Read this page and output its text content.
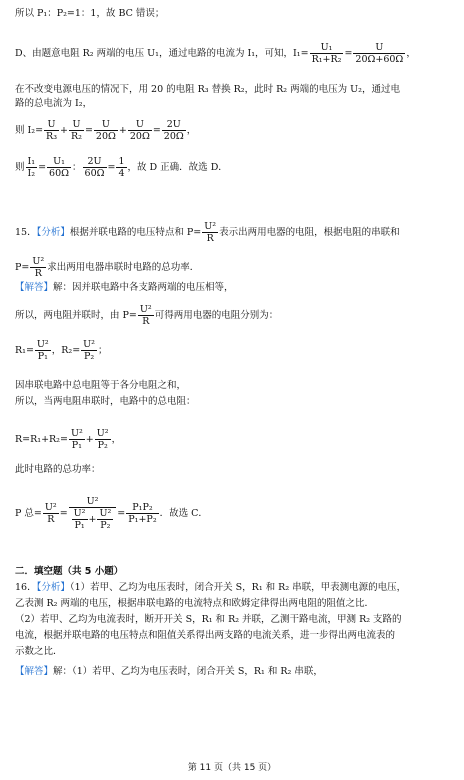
所以 P₁：P₂=1：1，故 BC 错误；
D、由题意电阻 R₂ 两端的电压 U₁，通过电路的电流为 I₁，可知，$I_1= \frac{\text{U₁}}{\text{R₁+R₂}} = \frac{U}{20\Omega+60\Omega}$ ，
在不改变电源电压的情况下，用 20 的电阻 R₃ 替换 R₂，此时 R₂ 两端的电压为 U₂，通过电
路的总电流为 I₂，
则 $I_2= \frac{U}{\text{R₃}} + \frac{U}{\text{R₂}} = \frac{U}{20\Omega} + \frac{U}{20\Omega} = \frac{2U}{20\Omega}$ ，
则 $\frac{\text{I₁}}{\text{I₂}} = \frac{\text{U₁}}{60\Omega}$ ： $\frac{2U}{60\Omega} = \frac{1}{4}$ ，故 D 正确．故选 D．
15．【分析】根据并联电路的电压特点和 $P= \frac{\text{U²}}{R}$ 表示出两用电器的电阻，根据电阻的串联和
$P= \frac{\text{U²}}{R}$ 求出两用电器串联时电路的总功率．
【解答】解：因并联电路中各支路两端的电压相等，
所以，两电阻并联时，由 $P= \frac{\text{U²}}{R}$ 可得两用电器的电阻分别为：
$R_1= \frac{\text{U²}}{\text{P₁}}$ ，$R_2= \frac{\text{U²}}{\text{P₂}}$ ；
因串联电路中总电阻等于各分电阻之和，
所以，当两电阻串联时，电路中的总电阻：
$R=R_1+R_2= \frac{\text{U²}}{\text{P₁}} + \frac{\text{U²}}{\text{P₂}}$ ，
此时电路的总功率：
P 总= $\frac{\text{U²}}{R} = \frac{\text{U²}}{\frac{\text{U²}}{\text{P₁}} + \frac{\text{U²}}{\text{P₂}}} = \frac{\text{P₁P₂}}{\text{P₁+P₂}}$ ．故选 C．
二．填空题（共 5 小题）
16．【分析】（1）若甲、乙均为电压表时，闭合开关 S，R₁ 和 R₂ 串联，甲表测电源的电压，
乙表测 R₂ 两端的电压，根据串联电路的电流特点和欧姆定律得出两电阻的阻值之比．
（2）若甲、乙均为电流表时，断开开关 S，R₁ 和 R₂ 并联，乙测干路电流，甲测 R₂ 支路的
电流，根据并联电路的电压特点和阻值关系得出两支路的电流关系，进一步得出两电流表的
示数之比．
【解答】解：（1）若甲、乙均为电压表时，闭合开关 S，R₁ 和 R₂ 串联，
第 11 页（共 15 页）
